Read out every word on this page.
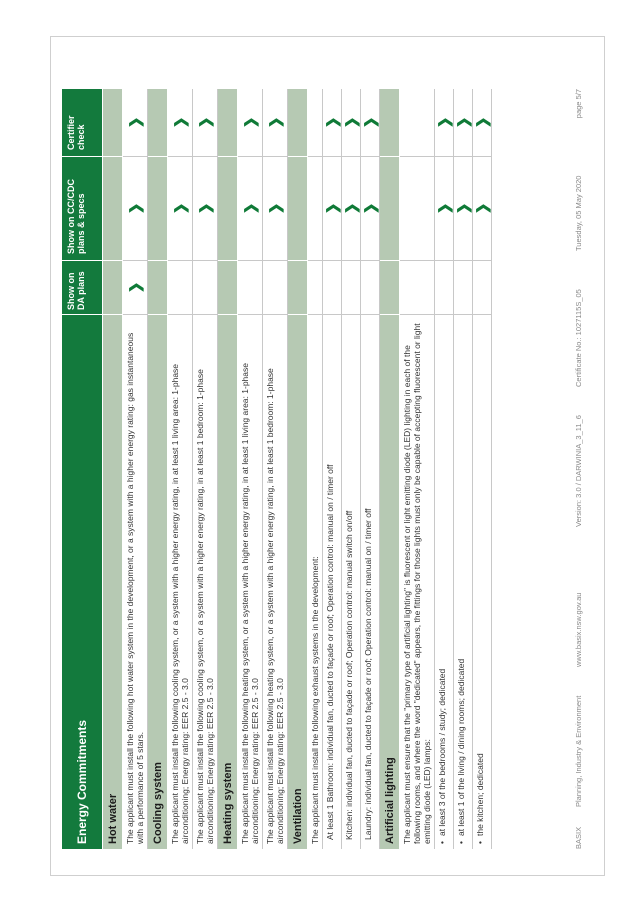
Energy Commitments
Show on DA plans
Show on CC/CDC plans & specs
Certifier check
Hot water The applicant must install the following hot water system in the development, or a system with a higher energy rating: gas instantaneous with a performance of 5 stars.
❯
❯
❯
Cooling system The applicant must install the following cooling system, or a system with a higher energy rating, in at least 1 living area: 1-phase airconditioning; Energy rating: EER 2.5 - 3.0
❯
❯
The applicant must install the following cooling system, or a system with a higher energy rating, in at least 1 bedroom: 1-phase airconditioning; Energy rating: EER 2.5 - 3.0
❯
❯
Heating system The applicant must install the following heating system, or a system with a higher energy rating, in at least 1 living area: 1-phase airconditioning; Energy rating: EER 2.5 - 3.0
❯
❯
The applicant must install the following heating system, or a system with a higher energy rating, in at least 1 bedroom: 1-phase airconditioning; Energy rating: EER 2.5 - 3.0
❯
❯
Ventilation The applicant must install the following exhaust systems in the development: At least 1 Bathroom: individual fan, ducted to façade or roof; Operation control: manual on / timer off
❯
❯
Kitchen: individual fan, ducted to façade or roof; Operation control: manual switch on/off
❯
❯
Laundry: individual fan, ducted to façade or roof; Operation control: manual on / timer off
❯
❯
Artificial lighting The applicant must ensure that the "primary type of artificial lighting" is fluorescent or light emitting diode (LED) lighting in each of the following rooms, and where the word "dedicated" appears, the fittings for those lights must only be capable of accepting fluorescent or light emitting diode (LED) lamps:
• at least 3 of the bedrooms / study; dedicated
❯
❯
• at least 1 of the living / dining rooms; dedicated
❯
❯
• the kitchen; dedicated
❯
❯
BASIX
Planning, Industry & Environment
www.basix.nsw.gov.au
Version: 3.0 / DARWINIA_3_11_6
Certificate No.: 1027115S_05
Tuesday, 05 May 2020
page 5/7
